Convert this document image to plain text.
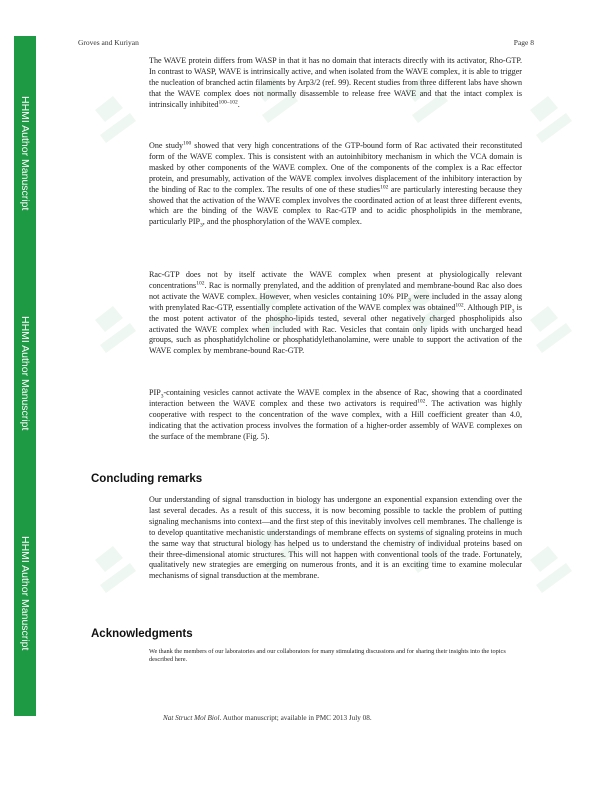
HHMI Author Manuscript
HHMI Author Manuscript
HHMI Author Manuscript
Groves and Kuriyan	Page 8

The WAVE protein differs from WASP in that it has no domain that interacts directly with its activator, Rho-GTP. In contrast to WASP, WAVE is intrinsically active, and when isolated from the WAVE complex, it is able to trigger the nucleation of branched actin filaments by Arp3/2 (ref. 99). Recent studies from three different labs have shown that the WAVE complex does not normally disassemble to release free WAVE and that the intact complex is intrinsically inhibited$^{100-102}$.

One study$^{100}$ showed that very high concentrations of the GTP-bound form of Rac activated their reconstituted form of the WAVE complex. This is consistent with an autoinhibitory mechanism in which the VCA domain is masked by other components of the WAVE complex. One of the components of the complex is a Rac effector protein, and presumably, activation of the WAVE complex involves displacement of the inhibitory interaction by the binding of Rac to the complex. The results of one of these studies$^{102}$ are particularly interesting because they showed that the activation of the WAVE complex involves the coordinated action of at least three different events, which are the binding of the WAVE complex to Rac-GTP and to acidic phospholipids in the membrane, particularly $PIP_3$, and the phosphorylation of the WAVE complex.

Rac-GTP does not by itself activate the WAVE complex when present at physiologically relevant concentrations$^{102}$. Rac is normally prenylated, and the addition of prenylated and membrane-bound Rac also does not activate the WAVE complex. However, when vesicles containing 10% $PIP_3$ were included in the assay along with prenylated Rac-GTP, essentially complete activation of the WAVE complex was obtained$^{102}$. Although $PIP_3$ is the most potent activator of the phospho-lipids tested, several other negatively charged phospholipids also activated the WAVE complex when included with Rac. Vesicles that contain only lipids with uncharged head groups, such as phosphatidylcholine or phosphatidylethanolamine, were unable to support the activation of the WAVE complex by membrane-bound Rac-GTP.

$PIP_3$-containing vesicles cannot activate the WAVE complex in the absence of Rac, showing that a coordinated interaction between the WAVE complex and these two activators is required$^{102}$. The activation was highly cooperative with respect to the concentration of the wave complex, with a Hill coefficient greater than 4.0, indicating that the activation process involves the formation of a higher-order assembly of WAVE complexes on the surface of the membrane (Fig. 5).

Concluding remarks

Our understanding of signal transduction in biology has undergone an exponential expansion extending over the last several decades. As a result of this success, it is now becoming possible to tackle the problem of putting signaling mechanisms into context—and the first step of this inevitably involves cell membranes. The challenge is to develop quantitative mechanistic understandings of membrane effects on systems of signaling proteins in much the same way that structural biology has helped us to understand the chemistry of individual proteins based on their three-dimensional atomic structures. This will not happen with conventional tools of the trade. Fortunately, qualitatively new strategies are emerging on numerous fronts, and it is an exciting time to examine molecular mechanisms of signal transduction at the membrane.

Acknowledgments
We thank the members of our laboratories and our collaborators for many stimulating discussions and for sharing their insights into the topics described here.
Nat Struct Mol Biol. Author manuscript; available in PMC 2013 July 08.
